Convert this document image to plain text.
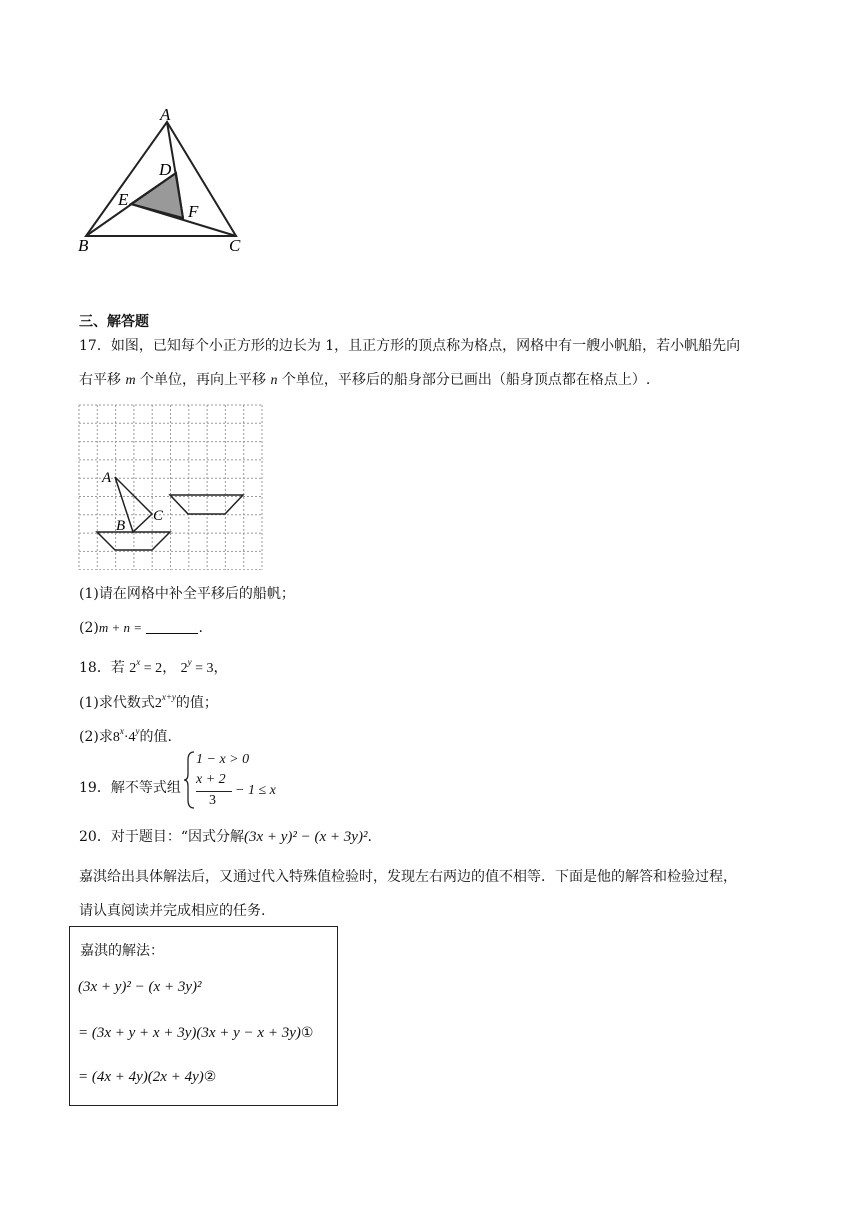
A
B	C
D
E
F
三、解答题
17．如图，已知每个小正方形的边长为 1，且正方形的顶点称为格点，网格中有一艘小帆船，若小帆船先向
右平移 m 个单位，再向上平移 n 个单位，平移后的船身部分已画出（船身顶点都在格点上）.
A
B
C
(1)请在网格中补全平移后的船帆；
(2)m + n =	.
18．若 $2^x = 2$， $2^y = 3$，
(1)求代数式$2^{x+y}$的值；
(2)求$8^x\cdot 4^y$的值.
19．解不等式组
1 − x > 0
x + 2
3
− 1 ≤ x
20．对于题目：“因式分解(3x + y)² − (x + 3y)².
嘉淇给出具体解法后，又通过代入特殊值检验时，发现左右两边的值不相等．下面是他的解答和检验过程，
请认真阅读并完成相应的任务.
嘉淇的解法：
(3x + y)² − (x + 3y)²
= (3x + y + x + 3y)(3x + y − x + 3y)①
= (4x + 4y)(2x + 4y)②
